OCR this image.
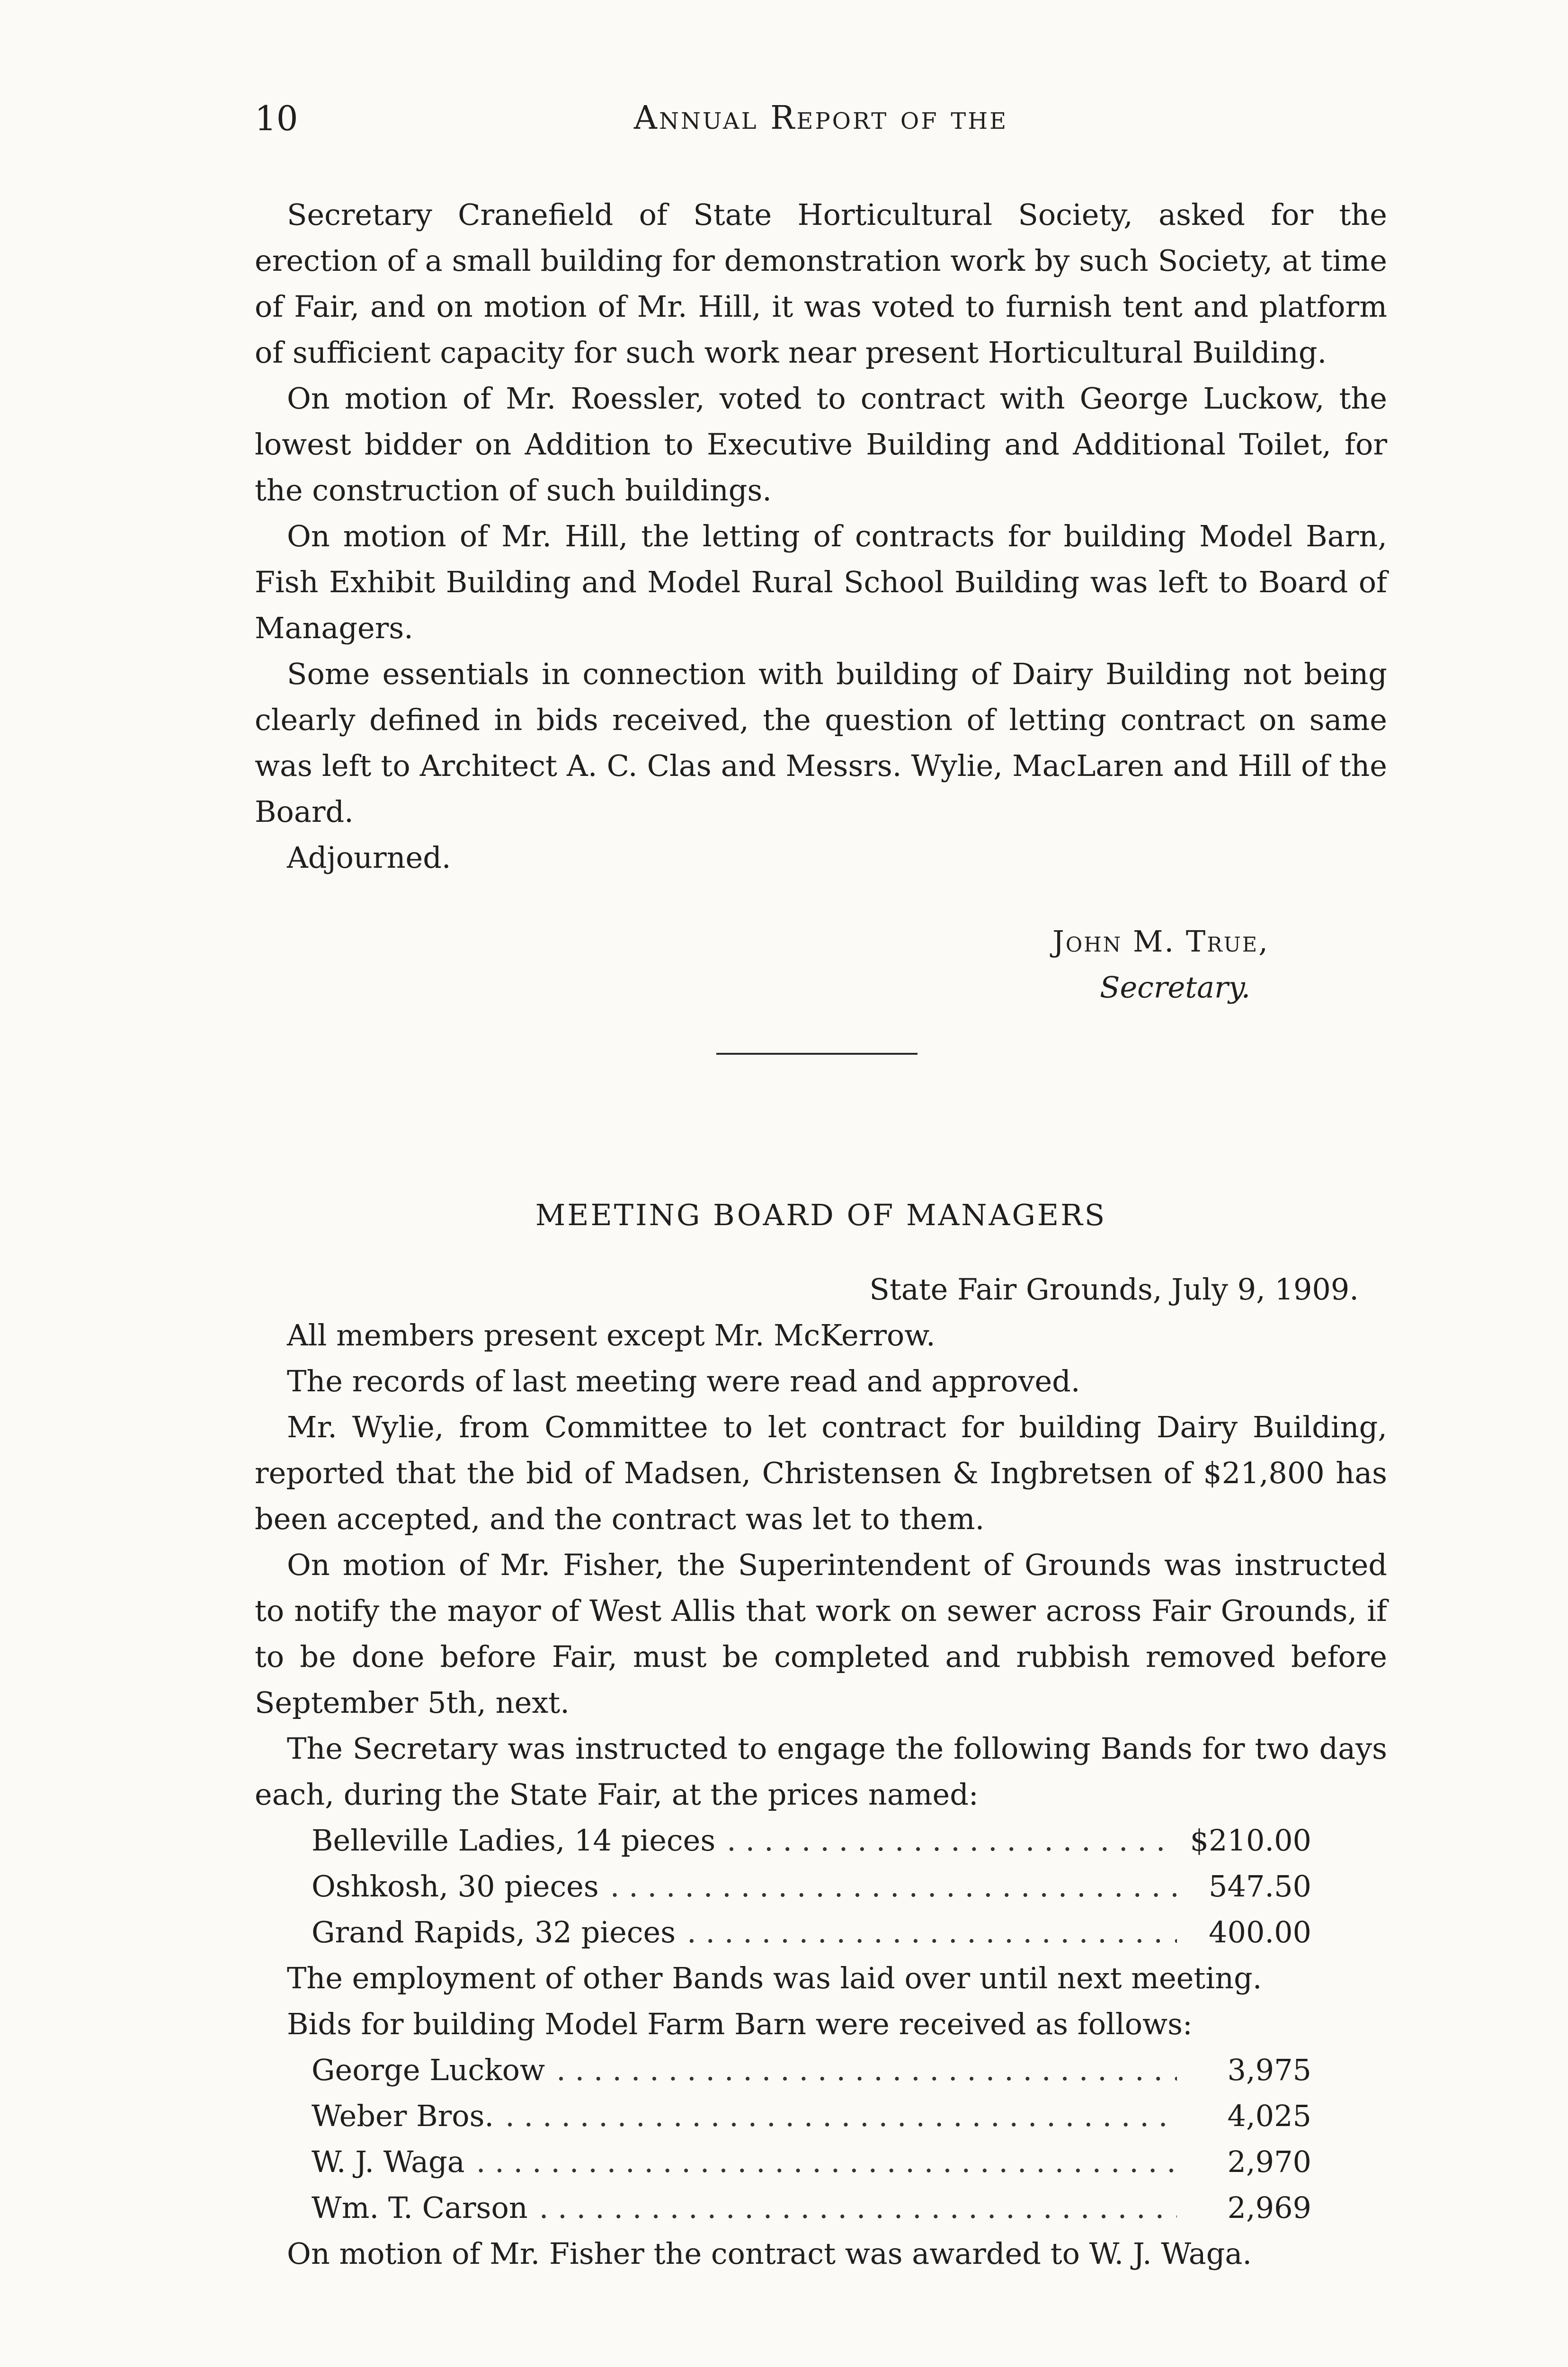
10	Annual Report of the

Secretary Cranefield of State Horticultural Society, asked for the erection of a small building for demonstration work by such Society, at time of Fair, and on motion of Mr. Hill, it was voted to furnish tent and platform of sufficient capacity for such work near present Horticultural Building.

On motion of Mr. Roessler, voted to contract with George Luckow, the lowest bidder on Addition to Executive Building and Additional Toilet, for the construction of such buildings.

On motion of Mr. Hill, the letting of contracts for building Model Barn, Fish Exhibit Building and Model Rural School Building was left to Board of Managers.

Some essentials in connection with building of Dairy Building not being clearly defined in bids received, the question of letting contract on same was left to Architect A. C. Clas and Messrs. Wylie, MacLaren and Hill of the Board.

Adjourned.

John M. True,
Secretary.
MEETING BOARD OF MANAGERS
State Fair Grounds, July 9, 1909.

All members present except Mr. McKerrow.

The records of last meeting were read and approved.

Mr. Wylie, from Committee to let contract for building Dairy Building, reported that the bid of Madsen, Christensen & Ingbretsen of $21,800 has been accepted, and the contract was let to them.

On motion of Mr. Fisher, the Superintendent of Grounds was instructed to notify the mayor of West Allis that work on sewer across Fair Grounds, if to be done before Fair, must be completed and rubbish removed before September 5th, next.

The Secretary was instructed to engage the following Bands for two days each, during the State Fair, at the prices named:

Belleville Ladies, 14 pieces . . .	$210.00
Oshkosh, 30 pieces . . .	547.50
Grand Rapids, 32 pieces . . .	400.00

The employment of other Bands was laid over until next meeting.

Bids for building Model Farm Barn were received as follows:

George Luckow . . .	3,975
Weber Bros. . . .	4,025
W. J. Waga . . .	2,970
Wm. T. Carson . . .	2,969

On motion of Mr. Fisher the contract was awarded to W. J. Waga.
